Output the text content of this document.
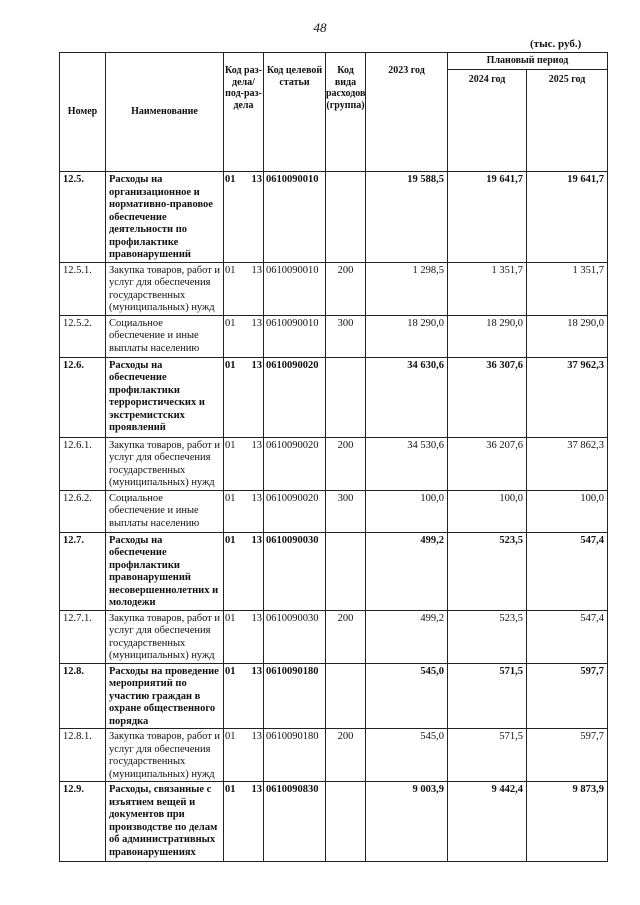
48
(тыс. руб.)
Номер	Наименование	Код раз-дела/ под-раз-дела	Код целевой статьи	Код вида расходов (группа)	2023 год	Плановый период	
						2024 год	2025 год
12.5.	Расходы на организационное и нормативно-правовое обеспечение деятельности по профилактике правонарушений	01 13	0610090010		19 588,5	19 641,7	19 641,7
12.5.1.	Закупка товаров, работ и услуг для обеспечения государственных (муниципальных) нужд	01 13	0610090010	200	1 298,5	1 351,7	1 351,7
12.5.2.	Социальное обеспечение и иные выплаты населению	01 13	0610090010	300	18 290,0	18 290,0	18 290,0
12.6.	Расходы на обеспечение профилактики террористических и экстремистских проявлений	01 13	0610090020		34 630,6	36 307,6	37 962,3
12.6.1.	Закупка товаров, работ и услуг для обеспечения государственных (муниципальных) нужд	01 13	0610090020	200	34 530,6	36 207,6	37 862,3
12.6.2.	Социальное обеспечение и иные выплаты населению	01 13	0610090020	300	100,0	100,0	100,0
12.7.	Расходы на обеспечение профилактики правонарушений несовершеннолетних и молодежи	01 13	0610090030		499,2	523,5	547,4
12.7.1.	Закупка товаров, работ и услуг для обеспечения государственных (муниципальных) нужд	01 13	0610090030	200	499,2	523,5	547,4
12.8.	Расходы на проведение мероприятий по участию граждан в охране общественного порядка	01 13	0610090180		545,0	571,5	597,7
12.8.1.	Закупка товаров, работ и услуг для обеспечения государственных (муниципальных) нужд	01 13	0610090180	200	545,0	571,5	597,7
12.9.	Расходы, связанные с изъятием вещей и документов при производстве по делам об административных правонарушениях	01 13	0610090830		9 003,9	9 442,4	9 873,9
